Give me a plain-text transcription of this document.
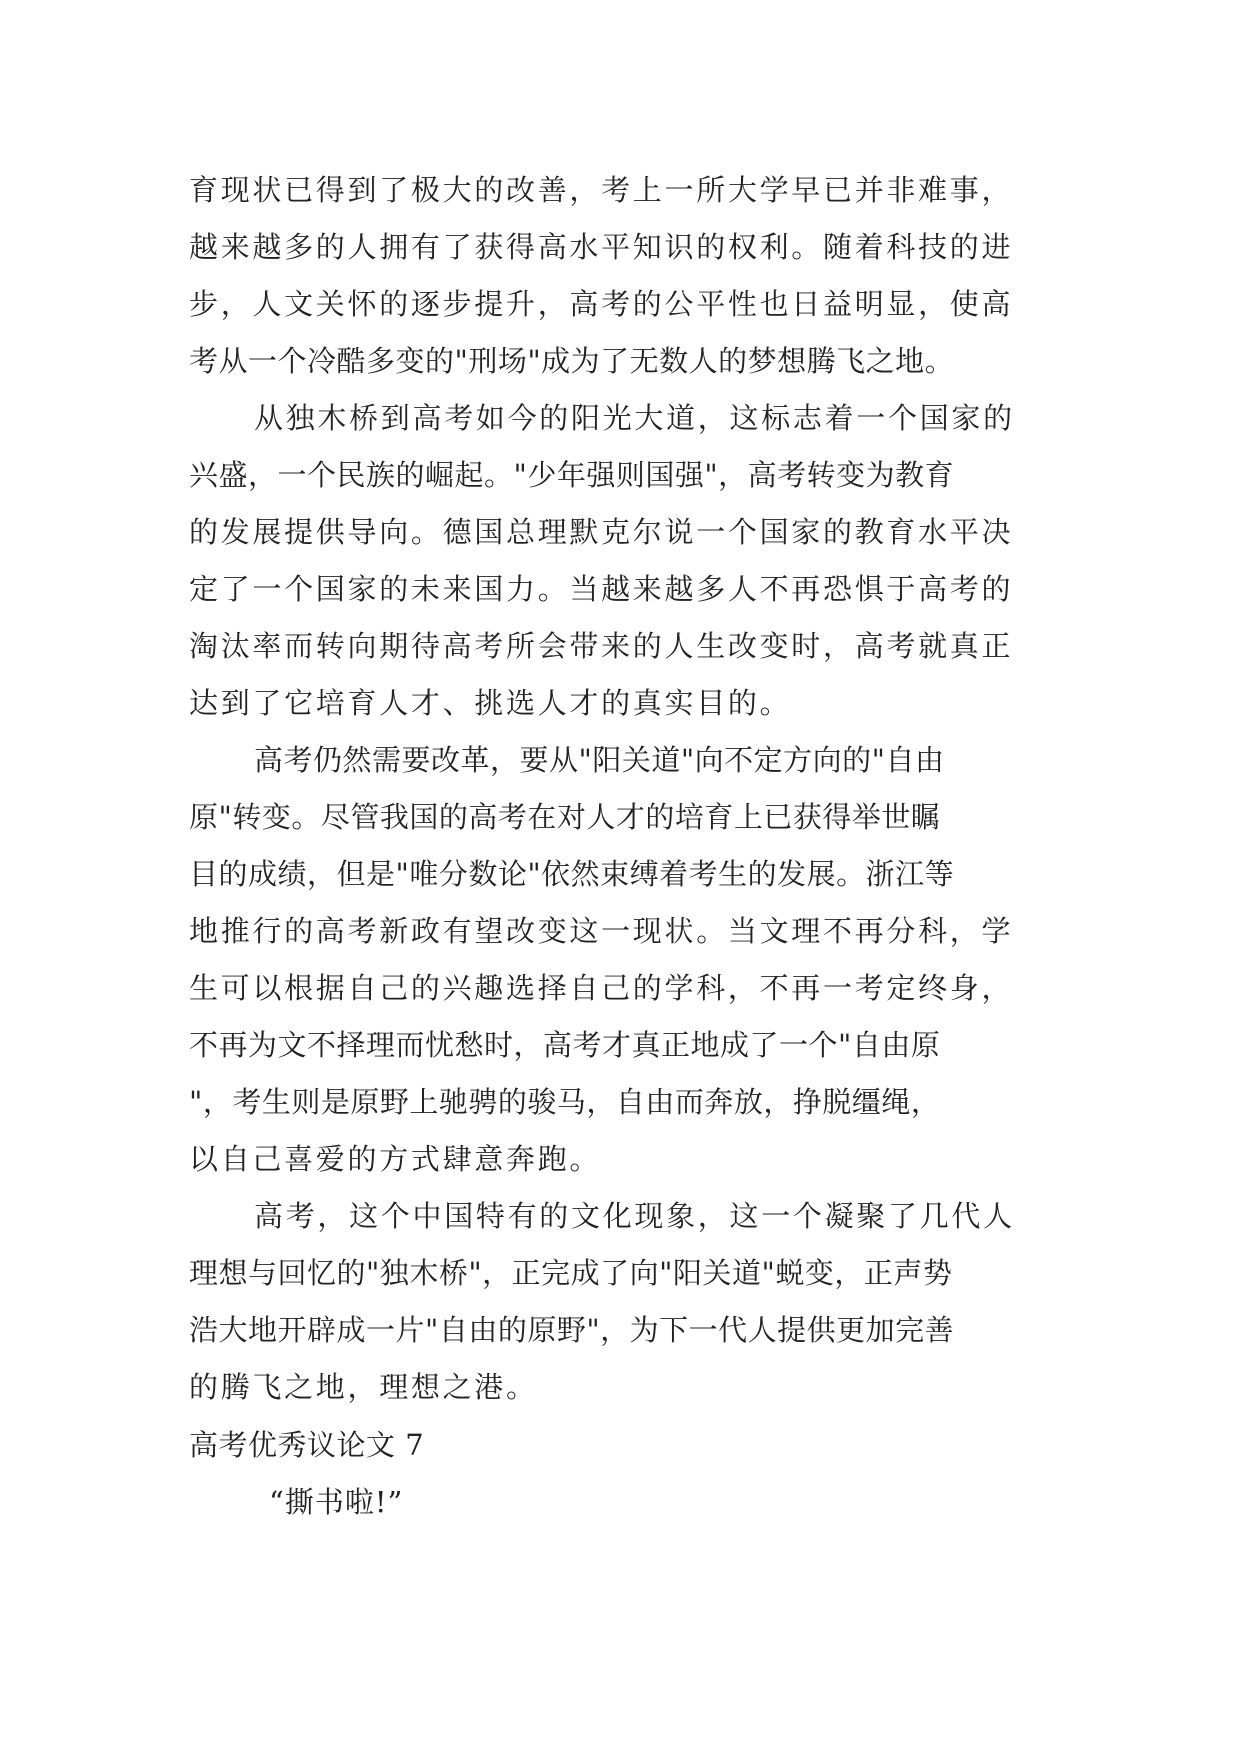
育现状已得到了极大的改善，考上一所大学早已并非难事，
越来越多的人拥有了获得高水平知识的权利。随着科技的进
步，人文关怀的逐步提升，高考的公平性也日益明显，使高
考从一个冷酷多变的"刑场"成为了无数人的梦想腾飞之地。
从独木桥到高考如今的阳光大道，这标志着一个国家的
兴盛，一个民族的崛起。"少年强则国强"，高考转变为教育
的发展提供导向。德国总理默克尔说一个国家的教育水平决
定了一个国家的未来国力。当越来越多人不再恐惧于高考的
淘汰率而转向期待高考所会带来的人生改变时，高考就真正
达到了它培育人才、挑选人才的真实目的。
高考仍然需要改革，要从"阳关道"向不定方向的"自由
原"转变。尽管我国的高考在对人才的培育上已获得举世瞩
目的成绩，但是"唯分数论"依然束缚着考生的发展。浙江等
地推行的高考新政有望改变这一现状。当文理不再分科，学
生可以根据自己的兴趣选择自己的学科，不再一考定终身，
不再为文不择理而忧愁时，高考才真正地成了一个"自由原
"，考生则是原野上驰骋的骏马，自由而奔放，挣脱缰绳，
以自己喜爱的方式肆意奔跑。
高考，这个中国特有的文化现象，这一个凝聚了几代人
理想与回忆的"独木桥"，正完成了向"阳关道"蜕变，正声势
浩大地开辟成一片"自由的原野"，为下一代人提供更加完善
的腾飞之地，理想之港。
高考优秀议论文 7
“撕书啦!”
